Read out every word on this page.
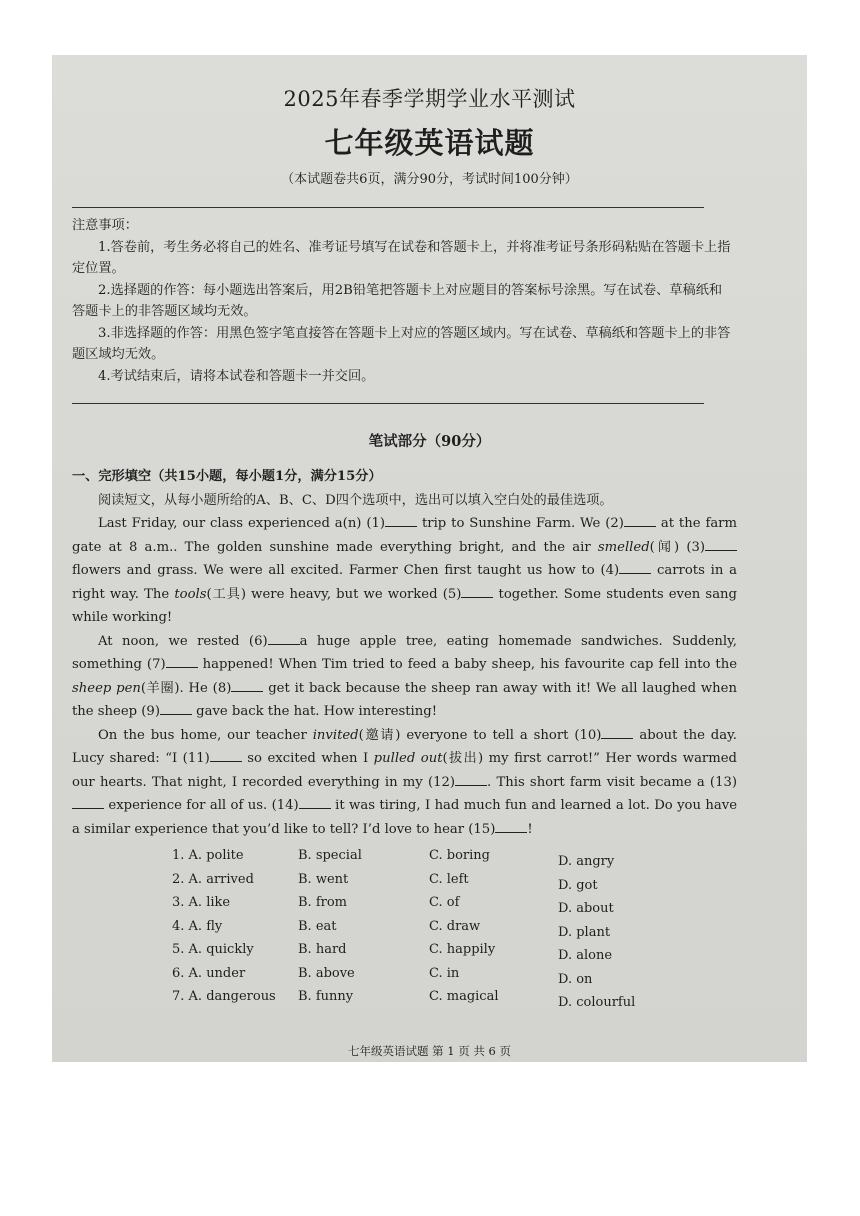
2025年春季学期学业水平测试
七年级英语试题
（本试题卷共6页，满分90分，考试时间100分钟）

注意事项：

1.答卷前，考生务必将自己的姓名、准考证号填写在试卷和答题卡上，并将准考证号条形码粘贴在答题卡上指定位置。

2.选择题的作答：每小题选出答案后，用2B铅笔把答题卡上对应题目的答案标号涂黑。写在试卷、草稿纸和答题卡上的非答题区域均无效。

3.非选择题的作答：用黑色签字笔直接答在答题卡上对应的答题区域内。写在试卷、草稿纸和答题卡上的非答题区域均无效。

4.考试结束后，请将本试卷和答题卡一并交回。

笔试部分（90分）

一、完形填空（共15小题，每小题1分，满分15分）

阅读短文，从每小题所给的A、B、C、D四个选项中，选出可以填入空白处的最佳选项。

Last Friday, our class experienced a(n) (1) trip to Sunshine Farm. We (2) at the farm gate at 8 a.m.. The golden sunshine made everything bright, and the air smelled(闻) (3) flowers and grass. We were all excited. Farmer Chen first taught us how to (4) carrots in a right way. The tools(工具) were heavy, but we worked (5) together. Some students even sang while working!

At noon, we rested (6) a huge apple tree, eating homemade sandwiches. Suddenly, something (7) happened! When Tim tried to feed a baby sheep, his favourite cap fell into the sheep pen(羊圈). He (8) get it back because the sheep ran away with it! We all laughed when the sheep (9) gave back the hat. How interesting!

On the bus home, our teacher invited(邀请) everyone to tell a short (10) about the day. Lucy shared: “I (11) so excited when I pulled out(拔出) my first carrot!” Her words warmed our hearts. That night, I recorded everything in my (12) . This short farm visit became a (13) experience for all of us. (14) it was tiring, I had much fun and learned a lot. Do you have a similar experience that you’d like to tell? I’d love to hear (15) !

1. A. polite	B. special	C. boring	D. angry
2. A. arrived	B. went	C. left	D. got
3. A. like	B. from	C. of	D. about
4. A. fly	B. eat	C. draw	D. plant
5. A. quickly	B. hard	C. happily	D. alone
6. A. under	B. above	C. in	D. on
7. A. dangerous B. funny	C. magical	D. colourful
七年级英语试题 第 1 页 共 6 页
